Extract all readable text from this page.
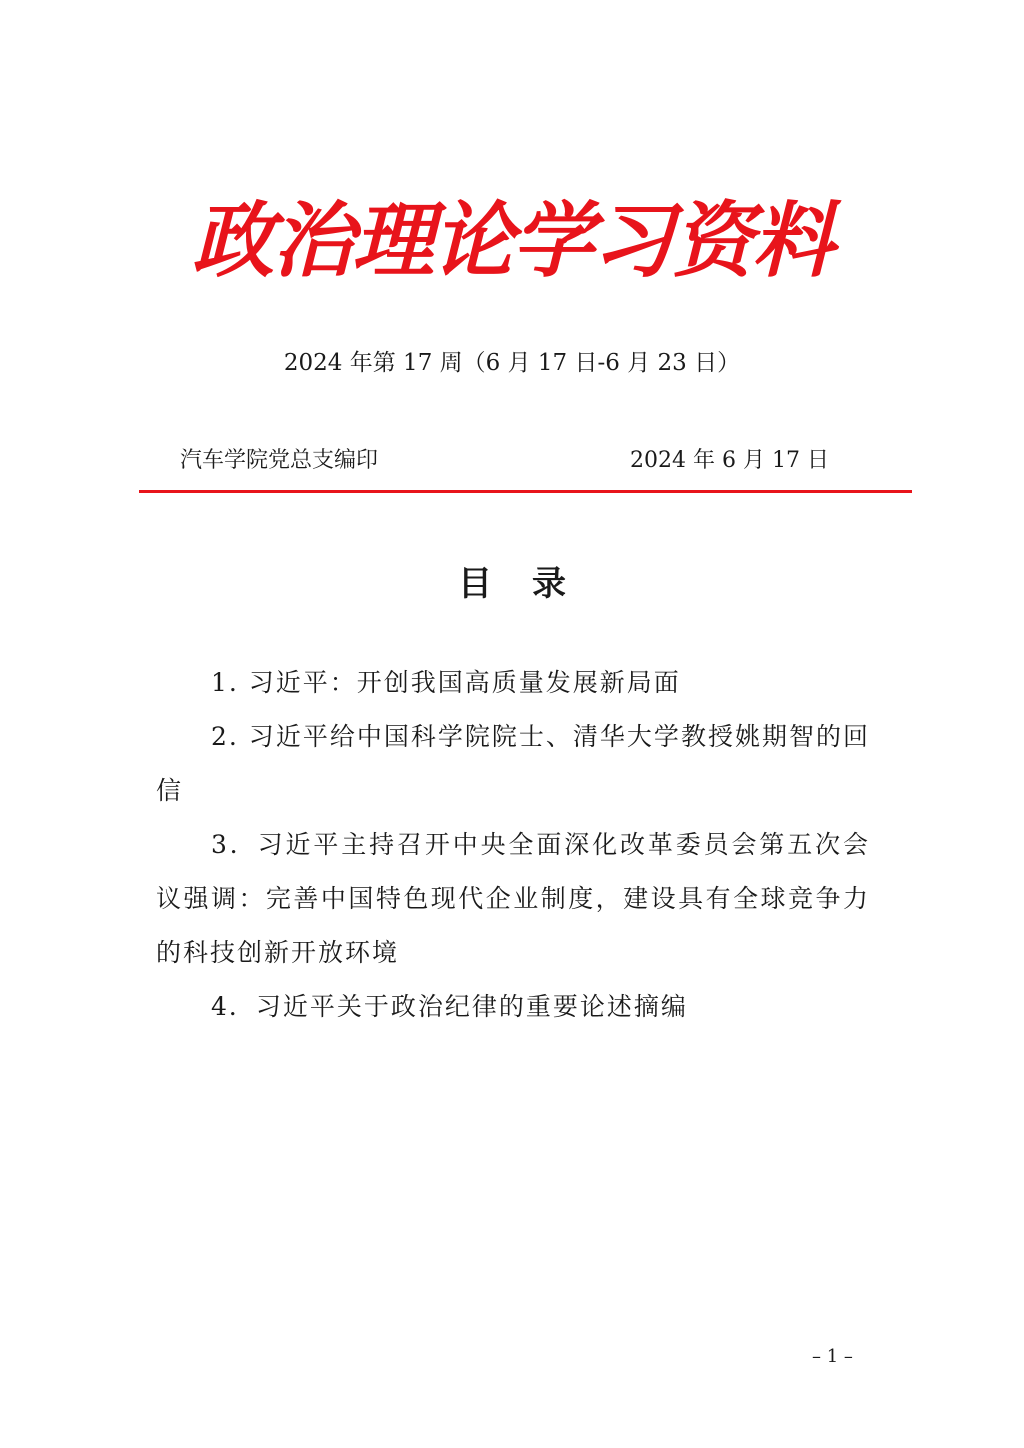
政治理论学习资料
2024 年第 17 周（6 月 17 日-6 月 23 日）
汽车学院党总支编印	2024 年 6 月 17 日
目录
1. 习近平：开创我国高质量发展新局面
2. 习近平给中国科学院院士、清华大学教授姚期智的回信
3．习近平主持召开中央全面深化改革委员会第五次会议强调：完善中国特色现代企业制度，建设具有全球竞争力的科技创新开放环境
4．习近平关于政治纪律的重要论述摘编
– 1 –
